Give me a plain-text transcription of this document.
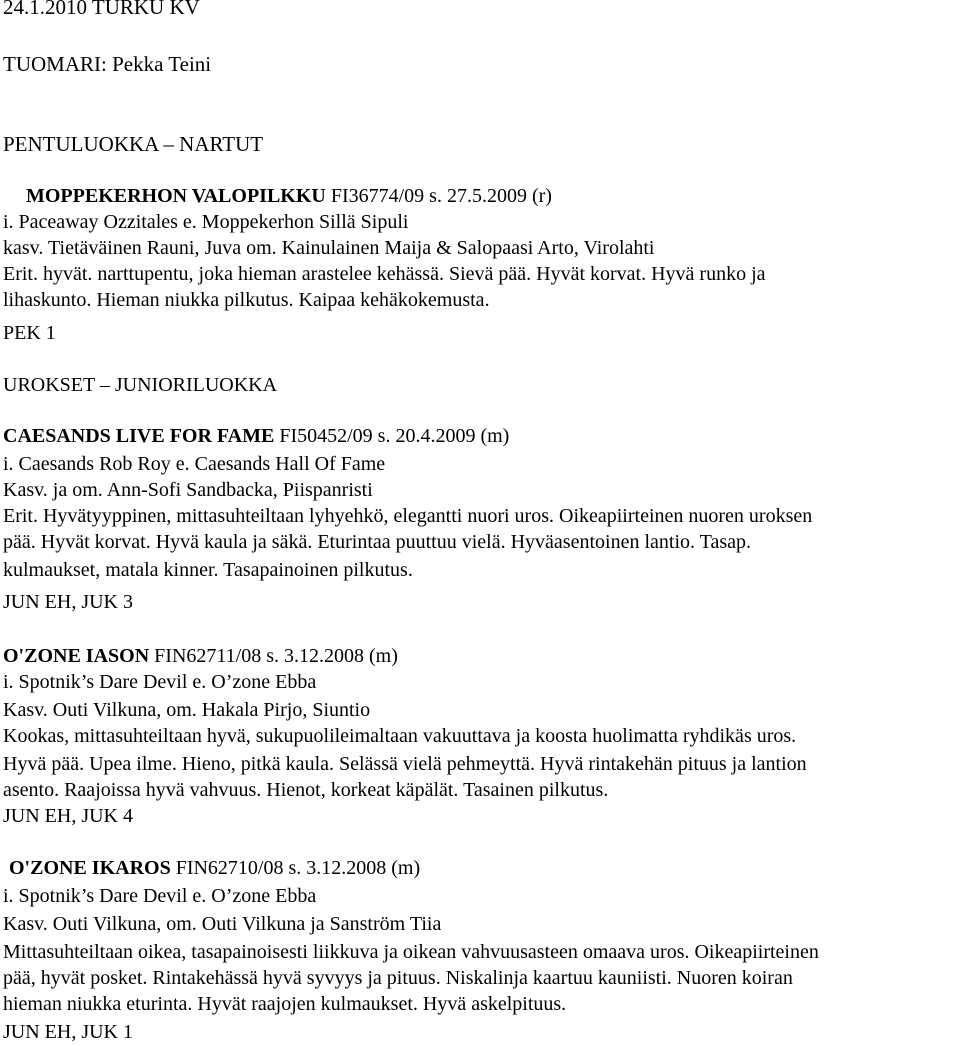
24.1.2010 TURKU KV
TUOMARI: Pekka Teini
PENTULUOKKA – NARTUT
MOPPEKERHON VALOPILKKU FI36774/09 s. 27.5.2009 (r)
i. Paceaway Ozzitales e. Moppekerhon Sillä Sipuli
kasv. Tietäväinen Rauni, Juva om. Kainulainen Maija & Salopaasi Arto, Virolahti
Erit. hyvät. narttupentu, joka hieman arastelee kehässä. Sievä pää. Hyvät korvat. Hyvä runko ja
lihaskunto. Hieman niukka pilkutus. Kaipaa kehäkokemusta.
PEK 1
UROKSET – JUNIORILUOKKA
CAESANDS LIVE FOR FAME FI50452/09 s. 20.4.2009 (m)
i. Caesands Rob Roy e. Caesands Hall Of Fame
Kasv. ja om. Ann-Sofi Sandbacka, Piispanristi
Erit. Hyvätyyppinen, mittasuhteiltaan lyhyehkö, elegantti nuori uros. Oikeapiirteinen nuoren uroksen
pää. Hyvät korvat. Hyvä kaula ja säkä. Eturintaa puuttuu vielä. Hyväasentoinen lantio. Tasap.
kulmaukset, matala kinner. Tasapainoinen pilkutus.
JUN EH, JUK 3
O'ZONE IASON FIN62711/08 s. 3.12.2008 (m)
i. Spotnik’s Dare Devil e. O’zone Ebba
Kasv. Outi Vilkuna, om. Hakala Pirjo, Siuntio
Kookas, mittasuhteiltaan hyvä, sukupuolileimaltaan vakuuttava ja koosta huolimatta ryhdikäs uros.
Hyvä pää. Upea ilme. Hieno, pitkä kaula. Selässä vielä pehmeyttä. Hyvä rintakehän pituus ja lantion
asento. Raajoissa hyvä vahvuus. Hienot, korkeat käpälät. Tasainen pilkutus.
JUN EH, JUK 4
O'ZONE IKAROS FIN62710/08 s. 3.12.2008 (m)
i. Spotnik’s Dare Devil e. O’zone Ebba
Kasv. Outi Vilkuna, om. Outi Vilkuna ja Sanström Tiia
Mittasuhteiltaan oikea, tasapainoisesti liikkuva ja oikean vahvuusasteen omaava uros. Oikeapiirteinen
pää, hyvät posket. Rintakehässä hyvä syvyys ja pituus. Niskalinja kaartuu kauniisti. Nuoren koiran
hieman niukka eturinta. Hyvät raajojen kulmaukset. Hyvä askelpituus.
JUN EH, JUK 1
